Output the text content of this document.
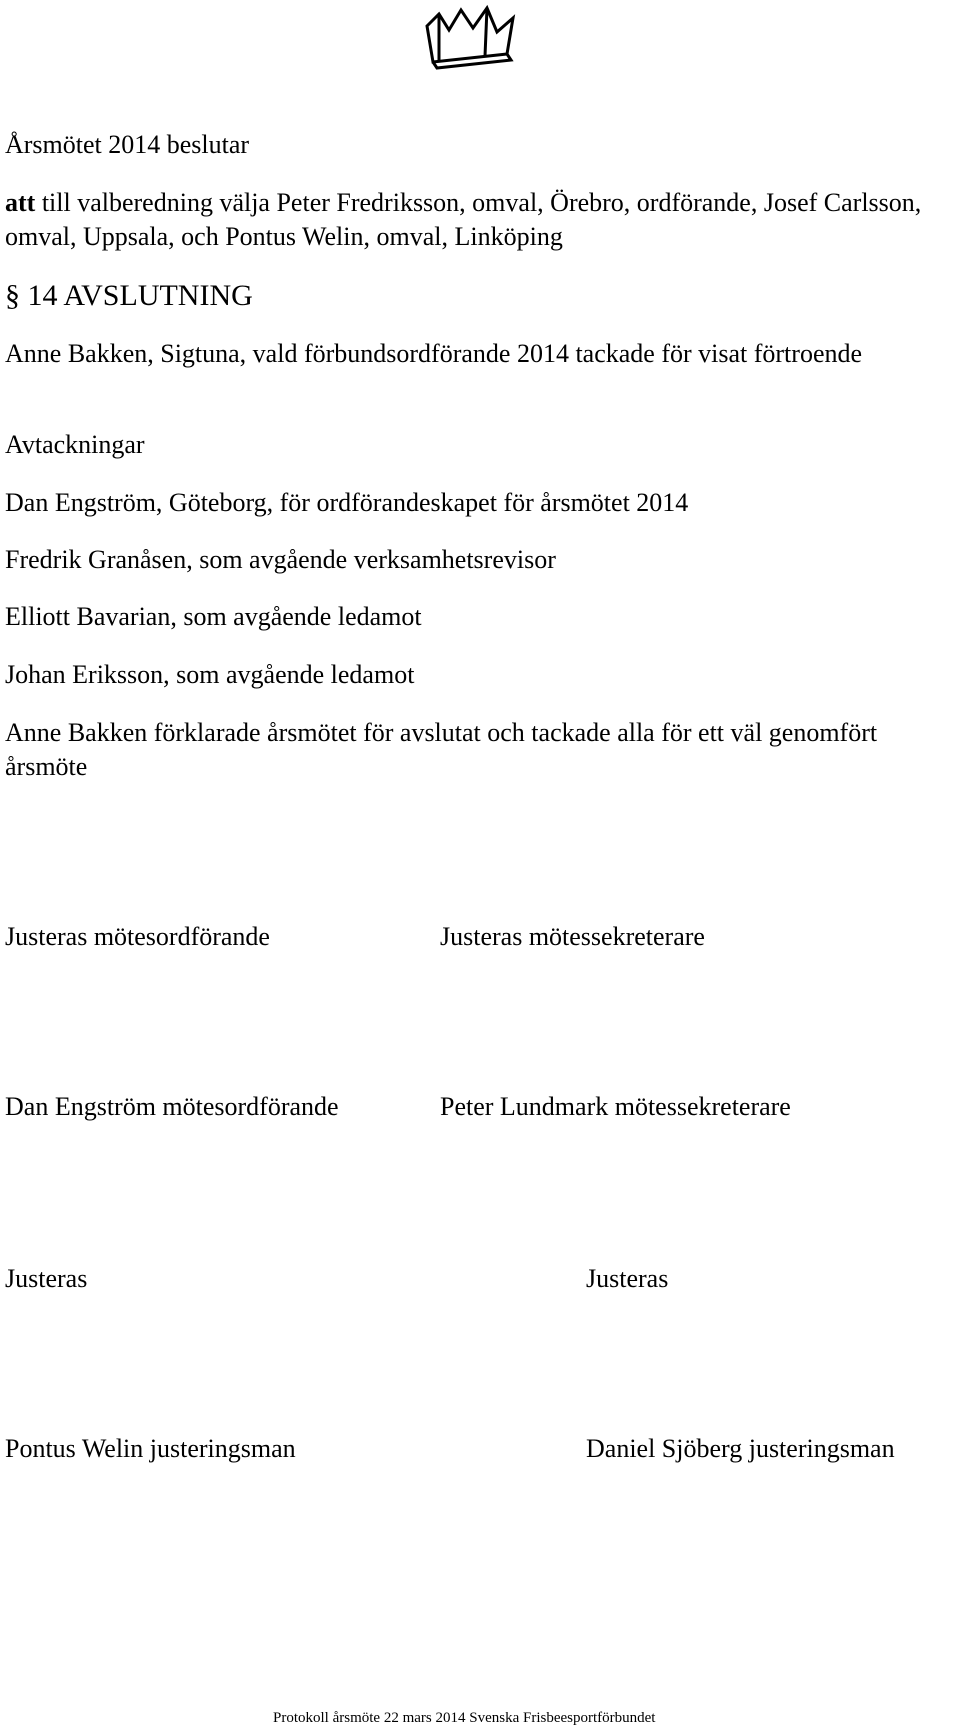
Årsmötet 2014 beslutar
att till valberedning välja Peter Fredriksson, omval, Örebro, ordförande, Josef Carlsson, omval, Uppsala, och Pontus Welin, omval, Linköping
§ 14 AVSLUTNING
Anne Bakken, Sigtuna, vald förbundsordförande 2014 tackade för visat förtroende
Avtackningar
Dan Engström, Göteborg, för ordförandeskapet för årsmötet 2014
Fredrik Granåsen, som avgående verksamhetsrevisor
Elliott Bavarian, som avgående ledamot
Johan Eriksson, som avgående ledamot
Anne Bakken förklarade årsmötet för avslutat och tackade alla för ett väl genomfört årsmöte
Justeras mötesordförande	Justeras mötessekreterare
Dan Engström mötesordförande	Peter Lundmark mötessekreterare
Justeras	Justeras
Pontus Welin justeringsman	Daniel Sjöberg justeringsman
Protokoll årsmöte 22 mars 2014 Svenska Frisbeesportförbundet
